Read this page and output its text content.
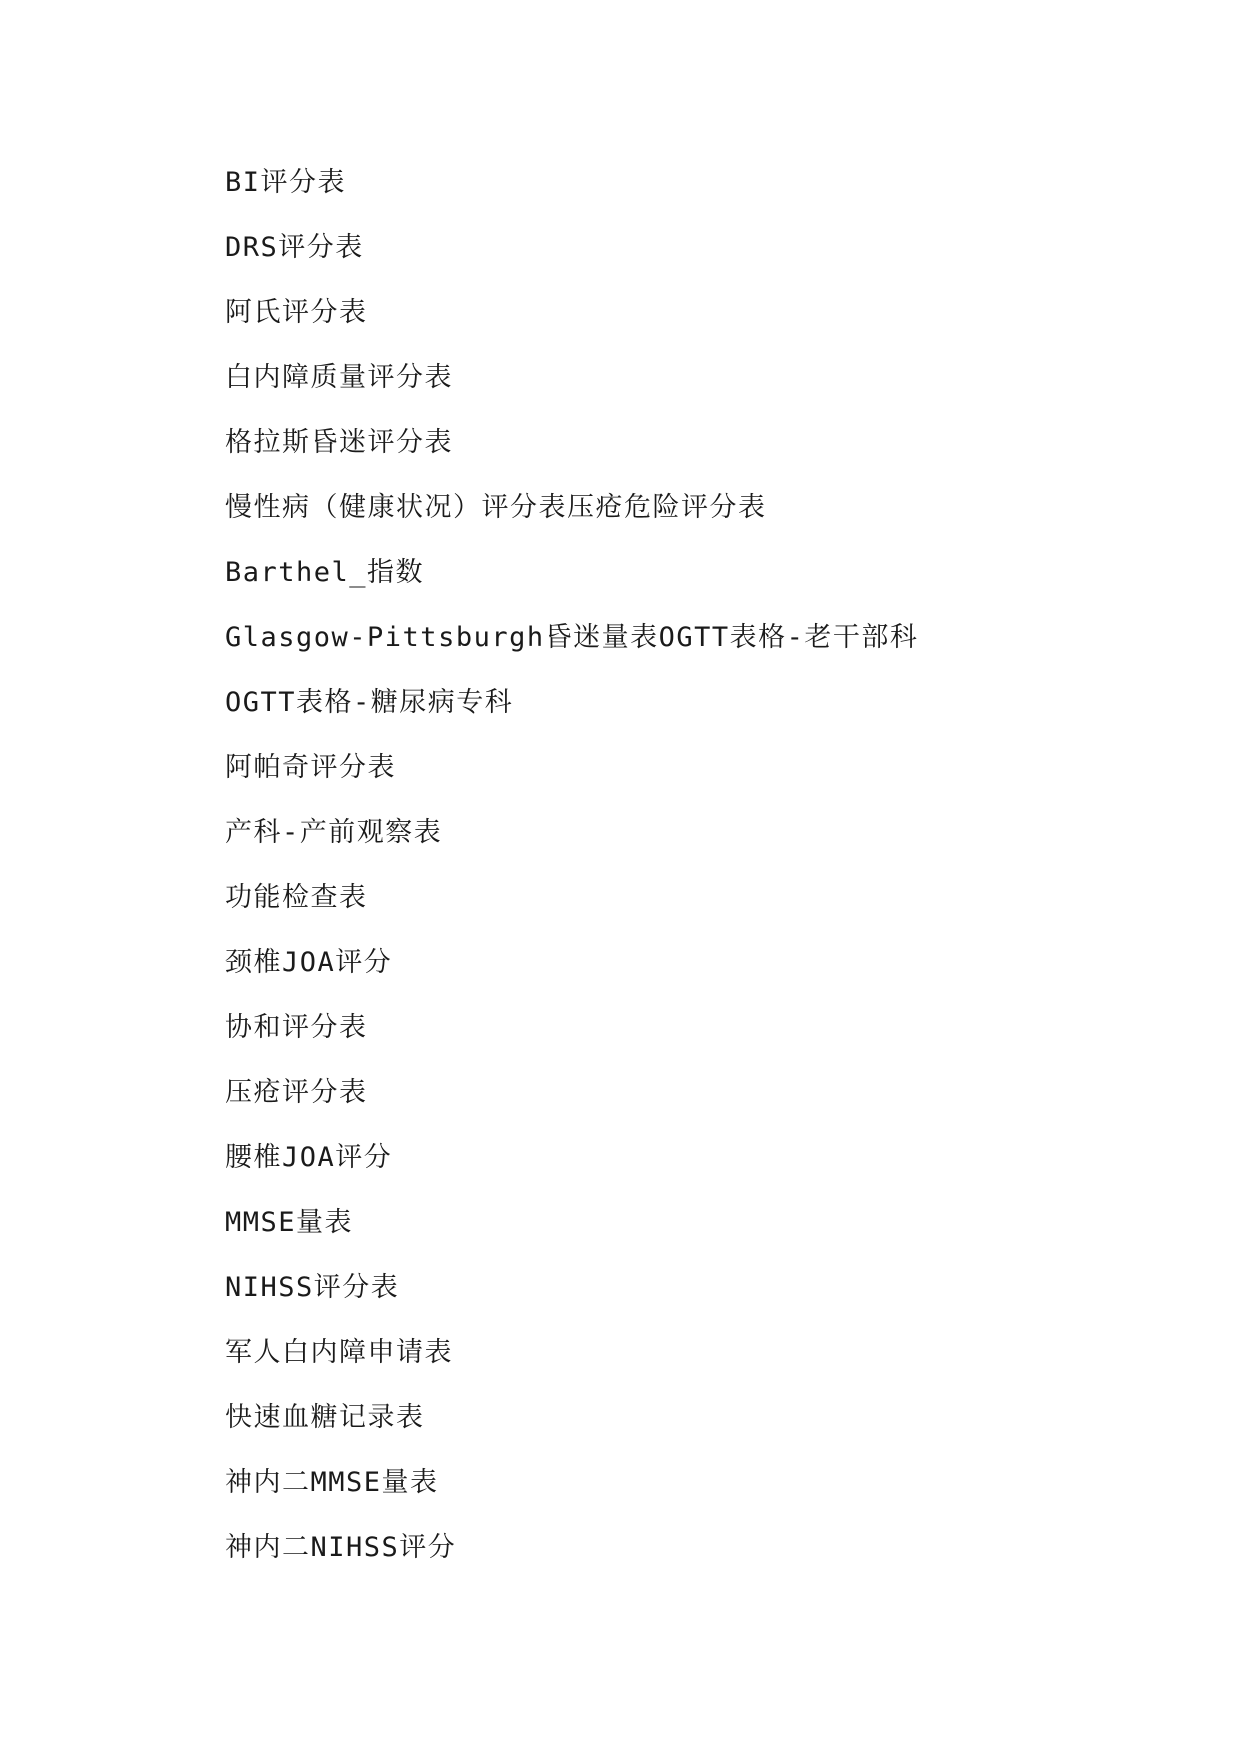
BI评分表
DRS评分表
阿氏评分表
白内障质量评分表
格拉斯昏迷评分表
慢性病（健康状况）评分表压疮危险评分表
Barthel_指数
Glasgow-Pittsburgh昏迷量表OGTT表格-老干部科
OGTT表格-糖尿病专科
阿帕奇评分表
产科-产前观察表
功能检查表
颈椎JOA评分
协和评分表
压疮评分表
腰椎JOA评分
MMSE量表
NIHSS评分表
军人白内障申请表
快速血糖记录表
神内二MMSE量表
神内二NIHSS评分
